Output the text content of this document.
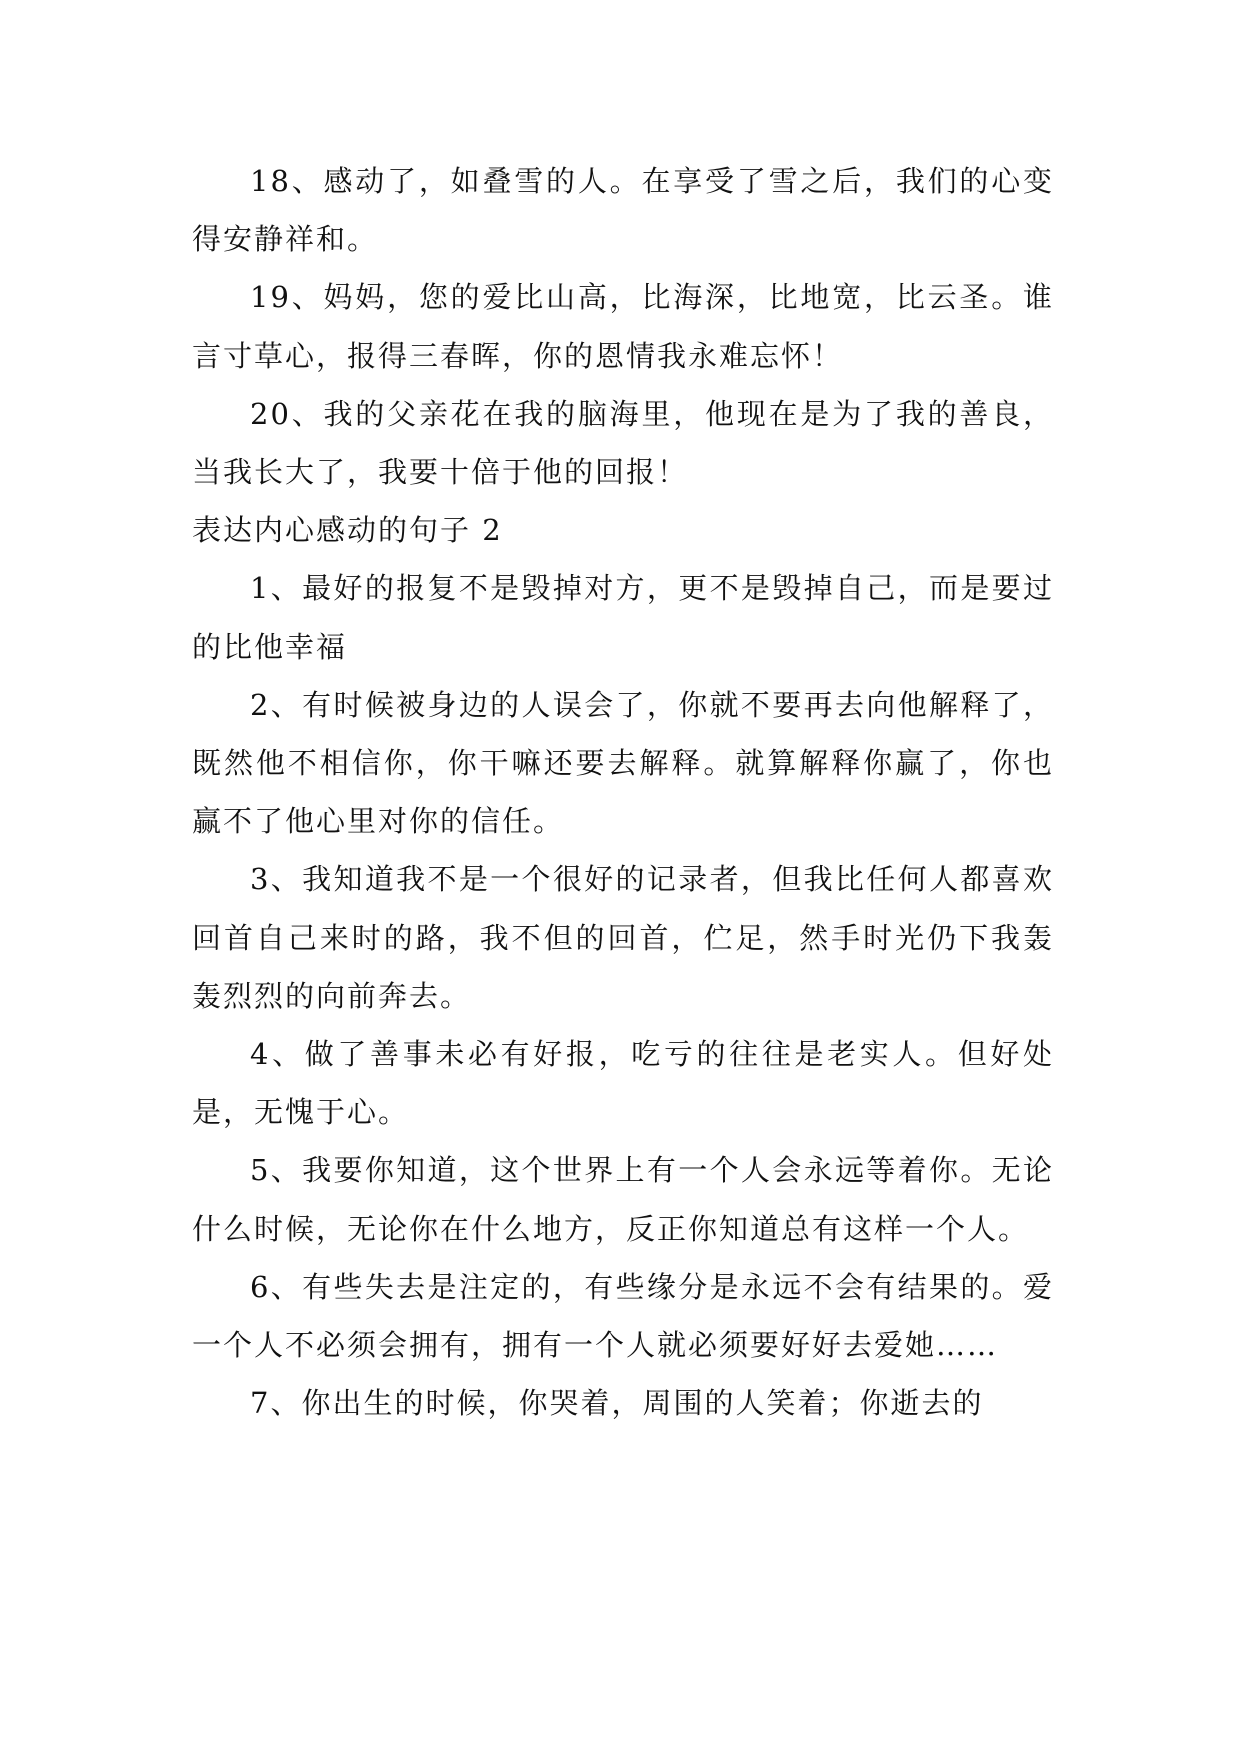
18、感动了，如叠雪的人。在享受了雪之后，我们的心变得安静祥和。

19、妈妈，您的爱比山高，比海深，比地宽，比云圣。谁言寸草心，报得三春晖，你的恩情我永难忘怀！

20、我的父亲花在我的脑海里，他现在是为了我的善良，当我长大了，我要十倍于他的回报！

表达内心感动的句子 2

1、最好的报复不是毁掉对方，更不是毁掉自己，而是要过的比他幸福

2、有时候被身边的人误会了，你就不要再去向他解释了，既然他不相信你，你干嘛还要去解释。就算解释你赢了，你也赢不了他心里对你的信任。

3、我知道我不是一个很好的记录者，但我比任何人都喜欢回首自己来时的路，我不但的回首，伫足，然手时光仍下我轰轰烈烈的向前奔去。

4、做了善事未必有好报，吃亏的往往是老实人。但好处是，无愧于心。

5、我要你知道，这个世界上有一个人会永远等着你。无论什么时候，无论你在什么地方，反正你知道总有这样一个人。

6、有些失去是注定的，有些缘分是永远不会有结果的。爱一个人不必须会拥有，拥有一个人就必须要好好去爱她……

7、你出生的时候，你哭着，周围的人笑着；你逝去的
